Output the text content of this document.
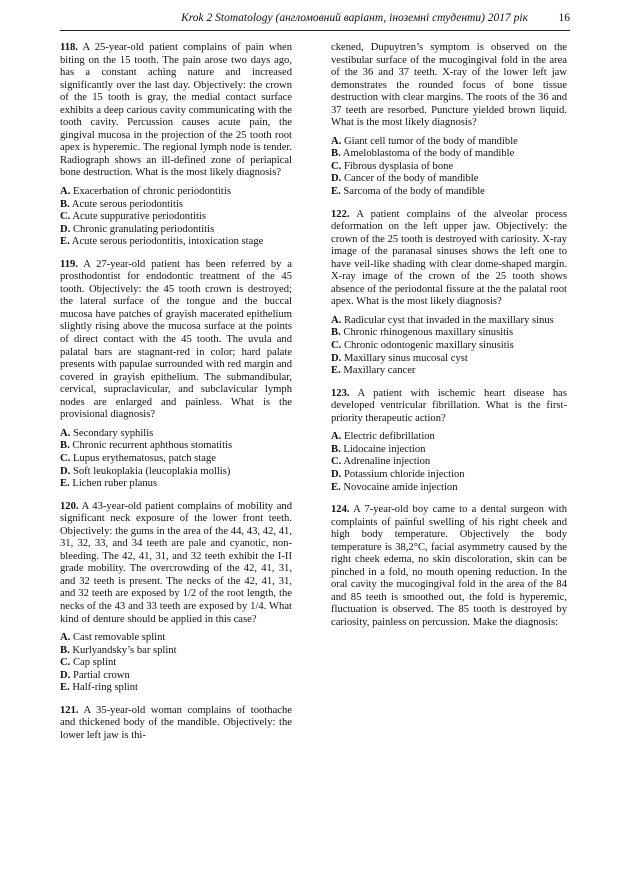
Krok 2 Stomatology (англомовний варіант, іноземні студенти) 2017 рік	16

118. A 25-year-old patient complains of pain when biting on the 15 tooth. The pain arose two days ago, has a constant aching nature and increased significantly over the last day. Objectively: the crown of the 15 tooth is gray, the medial contact surface exhibits a deep carious cavity communicating with the tooth cavity. Percussion causes acute pain, the gingival mucosa in the projection of the 25 tooth root apex is hyperemic. The regional lymph node is tender. Radiograph shows an ill-defined zone of periapical bone destruction. What is the most likely diagnosis?

A. Exacerbation of chronic periodontitis
B. Acute serous periodontitis
C. Acute suppurative periodontitis
D. Chronic granulating periodontitis
E. Acute serous periodontitis, intoxication stage

119. A 27-year-old patient has been referred by a prosthodontist for endodontic treatment of the 45 tooth. Objectively: the 45 tooth crown is destroyed; the lateral surface of the tongue and the buccal mucosa have patches of grayish macerated epithelium slightly rising above the mucosa surface at the points of direct contact with the 45 tooth. The uvula and palatal bars are stagnant-red in color; hard palate presents with papulae surrounded with red margin and covered in grayish epithelium. The submandibular, cervical, supraclavicular, and subclavicular lymph nodes are enlarged and painless. What is the provisional diagnosis?

A. Secondary syphilis
B. Chronic recurrent aphthous stomatitis
C. Lupus erythematosus, patch stage
D. Soft leukoplakia (leucoplakia mollis)
E. Lichen ruber planus

120. A 43-year-old patient complains of mobility and significant neck exposure of the lower front teeth. Objectively: the gums in the area of the 44, 43, 42, 41, 31, 32, 33, and 34 teeth are pale and cyanotic, non-bleeding. The 42, 41, 31, and 32 teeth exhibit the I-II grade mobility. The overcrowding of the 42, 41, 31, and 32 teeth is present. The necks of the 42, 41, 31, and 32 teeth are exposed by 1/2 of the root length, the necks of the 43 and 33 teeth are exposed by 1/4. What kind of denture should be applied in this case?

A. Cast removable splint
B. Kurlyandsky’s bar splint
C. Cap splint
D. Partial crown
E. Half-ring splint

121. A 35-year-old woman complains of toothache and thickened body of the mandible. Objectively: the lower left jaw is thi-

ckened, Dupuytren’s symptom is observed on the vestibular surface of the mucogingival fold in the area of the 36 and 37 teeth. X-ray of the lower left jaw demonstrates the rounded focus of bone tissue destruction with clear margins. The roots of the 36 and 37 teeth are resorbed. Puncture yielded brown liquid. What is the most likely diagnosis?

A. Giant cell tumor of the body of mandible
B. Ameloblastoma of the body of mandible
C. Fibrous dysplasia of bone
D. Cancer of the body of mandible
E. Sarcoma of the body of mandible

122. A patient complains of the alveolar process deformation on the left upper jaw. Objectively: the crown of the 25 tooth is destroyed with cariosity. X-ray image of the paranasal sinuses shows the left one to have veil-like shading with clear dome-shaped margin. X-ray image of the crown of the 25 tooth shows absence of the periodontal fissure at the the palatal root apex. What is the most likely diagnosis?

A. Radicular cyst that invaded in the maxillary sinus
B. Chronic rhinogenous maxillary sinusitis
C. Chronic odontogenic maxillary sinusitis
D. Maxillary sinus mucosal cyst
E. Maxillary cancer

123. A patient with ischemic heart disease has developed ventricular fibrillation. What is the first-priority therapeutic action?

A. Electric defibrillation
B. Lidocaine injection
C. Adrenaline injection
D. Potassium chloride injection
E. Novocaine amide injection

124. A 7-year-old boy came to a dental surgeon with complaints of painful swelling of his right cheek and high body temperature. Objectively the body temperature is 38,2°C, facial asymmetry caused by the right cheek edema, no skin discoloration, skin can be pinched in a fold, no mouth opening reduction. In the oral cavity the mucogingival fold in the area of the 84 and 85 teeth is smoothed out, the fold is hyperemic, fluctuation is observed. The 85 tooth is destroyed by cariosity, painless on percussion. Make the diagnosis:
